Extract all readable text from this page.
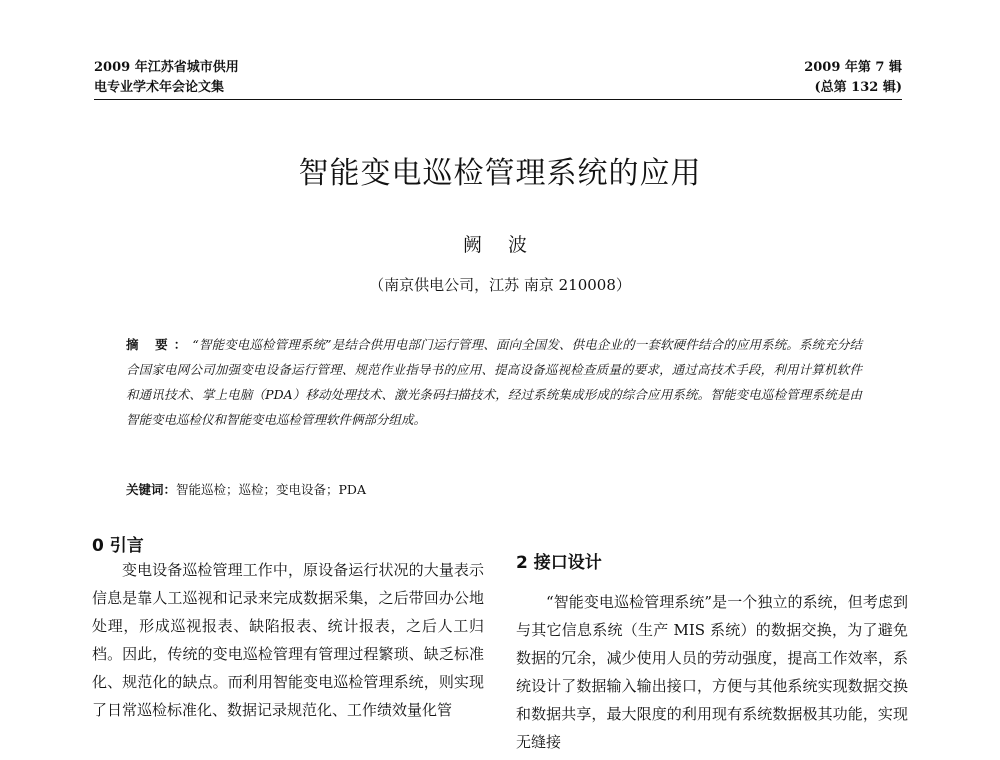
2009 年江苏省城市供用
电专业学术年会论文集
2009 年第 7 辑
(总第 132 辑)
智能变电巡检管理系统的应用
阙 波
（南京供电公司，江苏 南京 210008）
摘 要：“智能变电巡检管理系统”是结合供用电部门运行管理、面向全国发、供电企业的一套软硬件结合的应用系统。系统充分结合国家电网公司加强变电设备运行管理、规范作业指导书的应用、提高设备巡视检查质量的要求，通过高技术手段，利用计算机软件和通讯技术、掌上电脑（PDA）移动处理技术、激光条码扫描技术，经过系统集成形成的综合应用系统。智能变电巡检管理系统是由智能变电巡检仪和智能变电巡检管理软件俩部分组成。
关键词：智能巡检；巡检；变电设备；PDA
0 引言

变电设备巡检管理工作中，原设备运行状况的大量表示信息是靠人工巡视和记录来完成数据采集，之后带回办公地处理，形成巡视报表、缺陷报表、统计报表，之后人工归档。因此，传统的变电巡检管理有管理过程繁琐、缺乏标准化、规范化的缺点。而利用智能变电巡检管理系统，则实现了日常巡检标准化、数据记录规范化、工作绩效量化管

2 接口设计

“智能变电巡检管理系统”是一个独立的系统，但考虑到与其它信息系统（生产 MIS 系统）的数据交换，为了避免数据的冗余，减少使用人员的劳动强度，提高工作效率，系统设计了数据输入输出接口，方便与其他系统实现数据交换和数据共享，最大限度的利用现有系统数据极其功能，实现无缝接
